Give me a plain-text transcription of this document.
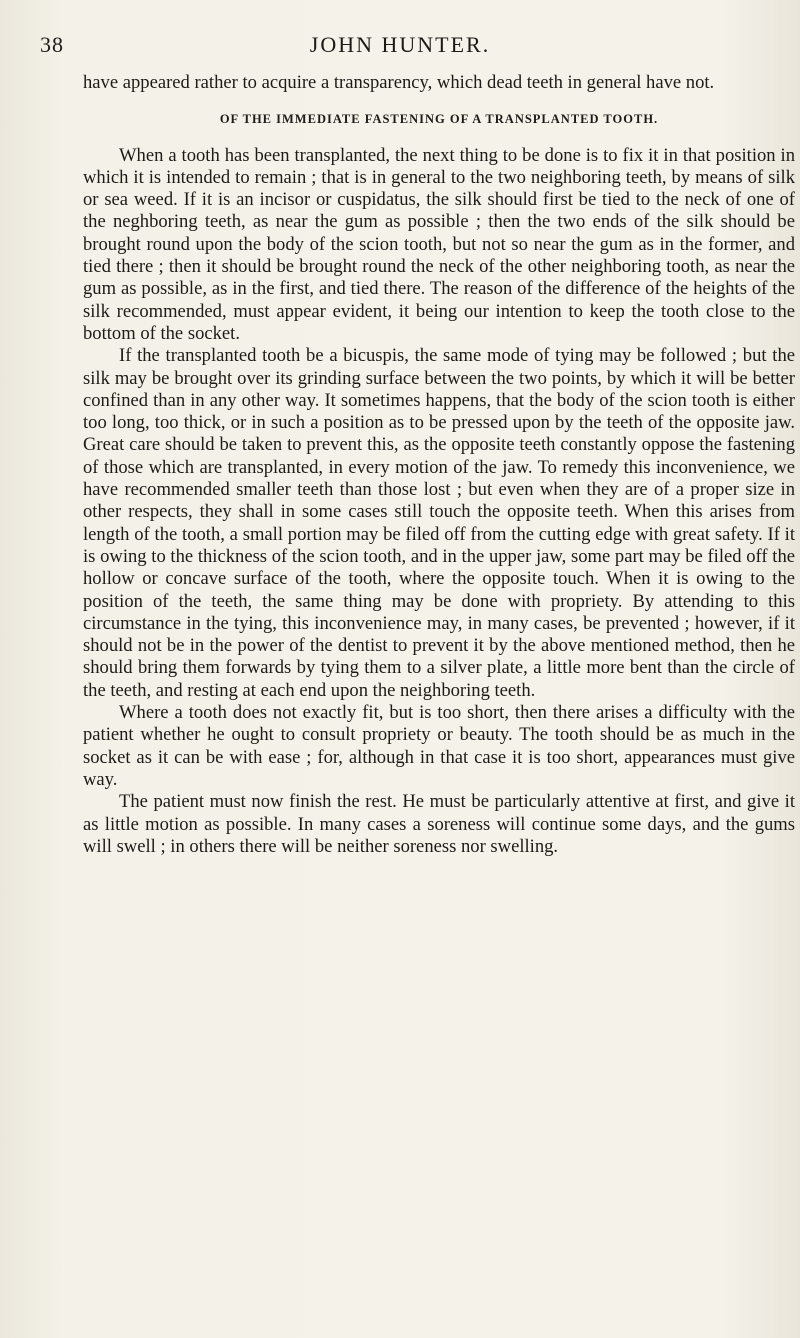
38	JOHN HUNTER.

have appeared rather to acquire a transparency, which dead teeth in general have not.

OF THE IMMEDIATE FASTENING OF A TRANSPLANTED TOOTH.

When a tooth has been transplanted, the next thing to be done is to fix it in that position in which it is intended to remain ; that is in general to the two neighboring teeth, by means of silk or sea weed. If it is an incisor or cuspidatus, the silk should first be tied to the neck of one of the neghboring teeth, as near the gum as possible ; then the two ends of the silk should be brought round upon the body of the scion tooth, but not so near the gum as in the former, and tied there ; then it should be brought round the neck of the other neighboring tooth, as near the gum as possible, as in the first, and tied there. The reason of the difference of the heights of the silk recommended, must appear evident, it being our intention to keep the tooth close to the bottom of the socket.

If the transplanted tooth be a bicuspis, the same mode of tying may be followed ; but the silk may be brought over its grinding surface between the two points, by which it will be better confined than in any other way. It sometimes happens, that the body of the scion tooth is either too long, too thick, or in such a position as to be pressed upon by the teeth of the opposite jaw. Great care should be taken to prevent this, as the opposite teeth constantly oppose the fastening of those which are transplanted, in every motion of the jaw. To remedy this inconvenience, we have recommended smaller teeth than those lost ; but even when they are of a proper size in other respects, they shall in some cases still touch the opposite teeth. When this arises from length of the tooth, a small portion may be filed off from the cutting edge with great safety. If it is owing to the thickness of the scion tooth, and in the upper jaw, some part may be filed off the hollow or concave surface of the tooth, where the opposite touch. When it is owing to the position of the teeth, the same thing may be done with propriety. By attending to this circumstance in the tying, this inconvenience may, in many cases, be prevented ; however, if it should not be in the power of the dentist to prevent it by the above mentioned method, then he should bring them forwards by tying them to a silver plate, a little more bent than the circle of the teeth, and resting at each end upon the neighboring teeth.

Where a tooth does not exactly fit, but is too short, then there arises a difficulty with the patient whether he ought to consult propriety or beauty. The tooth should be as much in the socket as it can be with ease ; for, although in that case it is too short, appearances must give way.

The patient must now finish the rest. He must be particularly attentive at first, and give it as little motion as possible. In many cases a soreness will continue some days, and the gums will swell ; in others there will be neither soreness nor swelling.
